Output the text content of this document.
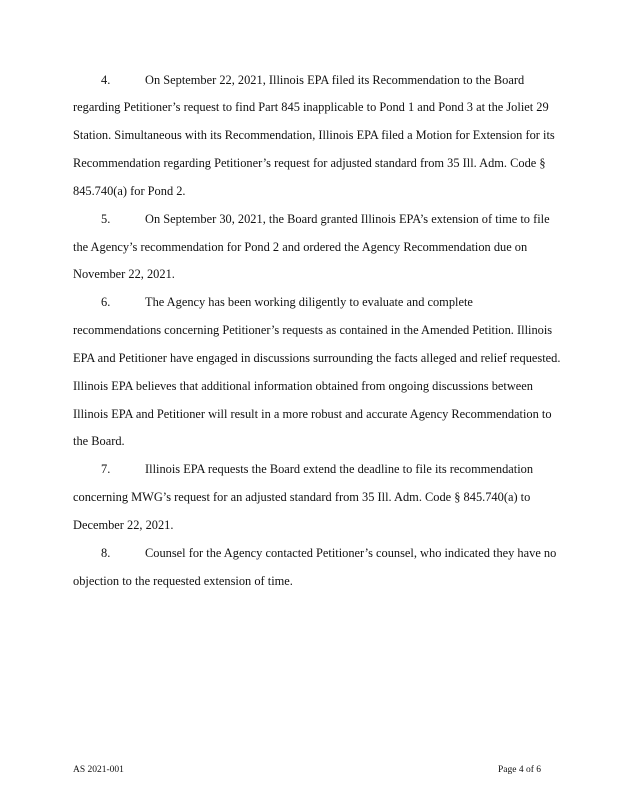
4.	On September 22, 2021, Illinois EPA filed its Recommendation to the Board
regarding Petitioner’s request to find Part 845 inapplicable to Pond 1 and Pond 3 at the Joliet 29
Station. Simultaneous with its Recommendation, Illinois EPA filed a Motion for Extension for its
Recommendation regarding Petitioner’s request for adjusted standard from 35 Ill. Adm. Code §
845.740(a) for Pond 2.
5.	On September 30, 2021, the Board granted Illinois EPA’s extension of time to file
the Agency’s recommendation for Pond 2 and ordered the Agency Recommendation due on
November 22, 2021.
6.	The Agency has been working diligently to evaluate and complete
recommendations concerning Petitioner’s requests as contained in the Amended Petition. Illinois
EPA and Petitioner have engaged in discussions surrounding the facts alleged and relief requested.
Illinois EPA believes that additional information obtained from ongoing discussions between
Illinois EPA and Petitioner will result in a more robust and accurate Agency Recommendation to
the Board.
7.	Illinois EPA requests the Board extend the deadline to file its recommendation
concerning MWG’s request for an adjusted standard from 35 Ill. Adm. Code § 845.740(a) to
December 22, 2021.
8.	Counsel for the Agency contacted Petitioner’s counsel, who indicated they have no
objection to the requested extension of time.
AS 2021-001	Page 4 of 6
